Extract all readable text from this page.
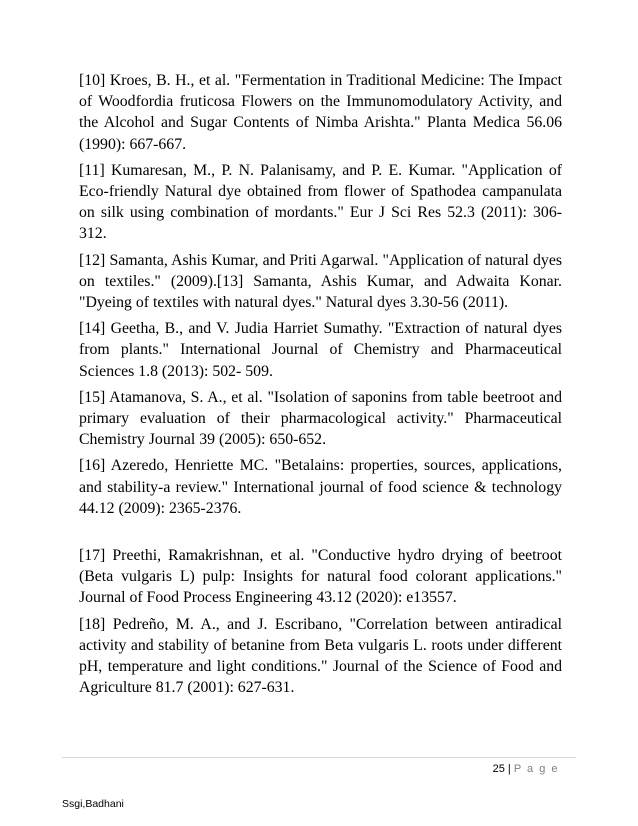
[10] Kroes, B. H., et al. "Fermentation in Traditional Medicine: The Impact of Woodfordia fruticosa Flowers on the Immunomodulatory Activity, and the Alcohol and Sugar Contents of Nimba Arishta." Planta Medica 56.06 (1990): 667-667.

[11] Kumaresan, M., P. N. Palanisamy, and P. E. Kumar. "Application of Eco-friendly Natural dye obtained from flower of Spathodea campanulata on silk using combination of mordants." Eur J Sci Res 52.3 (2011): 306-312.

[12] Samanta, Ashis Kumar, and Priti Agarwal. "Application of natural dyes on textiles." (2009).[13] Samanta, Ashis Kumar, and Adwaita Konar. "Dyeing of textiles with natural dyes." Natural dyes 3.30-56 (2011).

[14] Geetha, B., and V. Judia Harriet Sumathy. "Extraction of natural dyes from plants." International Journal of Chemistry and Pharmaceutical Sciences 1.8 (2013): 502- 509.

[15] Atamanova, S. A., et al. "Isolation of saponins from table beetroot and primary evaluation of their pharmacological activity." Pharmaceutical Chemistry Journal 39 (2005): 650-652.

[16] Azeredo, Henriette MC. "Betalains: properties, sources, applications, and stability-a review." International journal of food science & technology 44.12 (2009): 2365-2376.

[17] Preethi, Ramakrishnan, et al. "Conductive hydro drying of beetroot (Beta vulgaris L) pulp: Insights for natural food colorant applications." Journal of Food Process Engineering 43.12 (2020): e13557.

[18] Pedreño, M. A., and J. Escribano, "Correlation between antiradical activity and stability of betanine from Beta vulgaris L. roots under different pH, temperature and light conditions." Journal of the Science of Food and Agriculture 81.7 (2001): 627-631.

25 | P a g e
Ssgi,Badhani
